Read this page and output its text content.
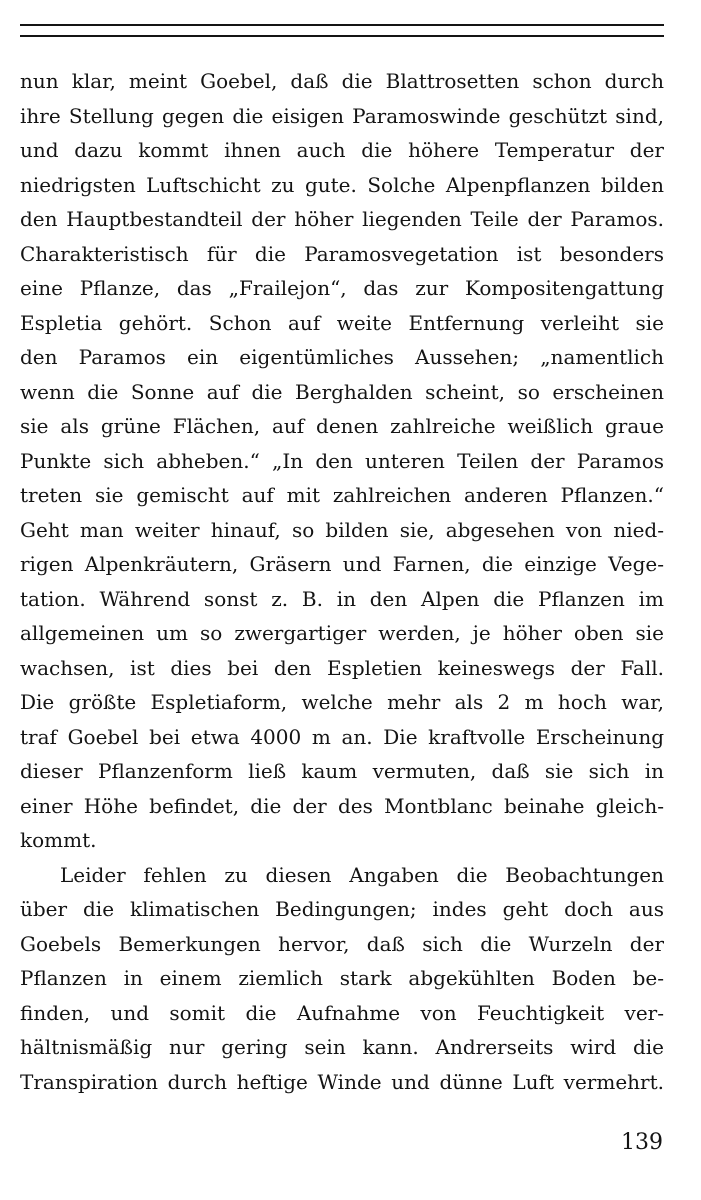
nun klar, meint Goebel, daß die Blattrosetten schon durch
ihre Stellung gegen die eisigen Paramoswinde geschützt sind,
und dazu kommt ihnen auch die höhere Temperatur der
niedrigsten Luftschicht zu gute. Solche Alpenpflanzen bilden
den Hauptbestandteil der höher liegenden Teile der Paramos.
Charakteristisch für die Paramosvegetation ist besonders
eine Pflanze, das „Frailejon“, das zur Kompositengattung
Espletia gehört. Schon auf weite Entfernung verleiht sie
den Paramos ein eigentümliches Aussehen; „namentlich
wenn die Sonne auf die Berghalden scheint, so erscheinen
sie als grüne Flächen, auf denen zahlreiche weißlich graue
Punkte sich abheben.“ „In den unteren Teilen der Paramos
treten sie gemischt auf mit zahlreichen anderen Pflanzen.“
Geht man weiter hinauf, so bilden sie, abgesehen von nied-
rigen Alpenkräutern, Gräsern und Farnen, die einzige Vege-
tation. Während sonst z. B. in den Alpen die Pflanzen im
allgemeinen um so zwergartiger werden, je höher oben sie
wachsen, ist dies bei den Espletien keineswegs der Fall.
Die größte Espletiaform, welche mehr als 2 m hoch war,
traf Goebel bei etwa 4000 m an. Die kraftvolle Erscheinung
dieser Pflanzenform ließ kaum vermuten, daß sie sich in
einer Höhe befindet, die der des Montblanc beinahe gleich-
kommt.
Leider fehlen zu diesen Angaben die Beobachtungen
über die klimatischen Bedingungen; indes geht doch aus
Goebels Bemerkungen hervor, daß sich die Wurzeln der
Pflanzen in einem ziemlich stark abgekühlten Boden be-
finden, und somit die Aufnahme von Feuchtigkeit ver-
hältnismäßig nur gering sein kann. Andrerseits wird die
Transpiration durch heftige Winde und dünne Luft vermehrt.
139
